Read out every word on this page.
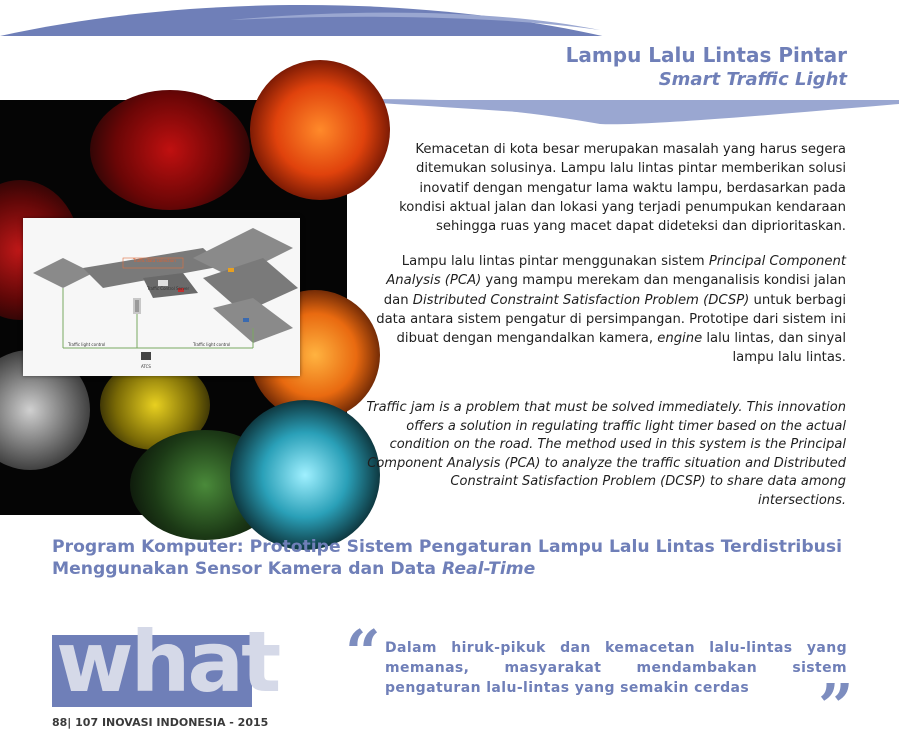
Lampu Lalu Lintas Pintar
Smart Traffic Light
Traffic data collection
Traffic Control Server
Traffic light control	Traffic light control
ATCS
Kemacetan di kota besar merupakan masalah yang harus segera ditemukan solusinya. Lampu lalu lintas pintar memberikan solusi inovatif dengan mengatur lama waktu lampu, berdasarkan pada kondisi aktual jalan dan lokasi yang terjadi penumpukan kendaraan sehingga ruas yang macet dapat dideteksi dan diprioritaskan.
Lampu lalu lintas pintar menggunakan sistem Principal Component Analysis (PCA) yang mampu merekam dan menganalisis kondisi jalan dan Distributed Constraint Satisfaction Problem (DCSP) untuk berbagi data antara sistem pengatur di persimpangan. Prototipe dari sistem ini dibuat dengan mengandalkan kamera, engine lalu lintas, dan sinyal lampu lalu lintas.
Traffic jam is a problem that must be solved immediately. This innovation offers a solution in regulating traffic light timer based on the actual condition on the road. The method used in this system is the Principal Component Analysis (PCA) to analyze the traffic situation and Distributed Constraint Satisfaction Problem (DCSP) to share data among intersections.
Program Komputer: Prototipe Sistem Pengaturan Lampu Lalu Lintas Terdistribusi Menggunakan Sensor Kamera dan Data Real-Time
what
88| 107 INOVASI INDONESIA - 2015
“ Dalam hiruk-pikuk dan kemacetan lalu-lintas yang memanas, masyarakat mendambakan sistem pengaturan lalu-lintas yang semakin cerdas	”
